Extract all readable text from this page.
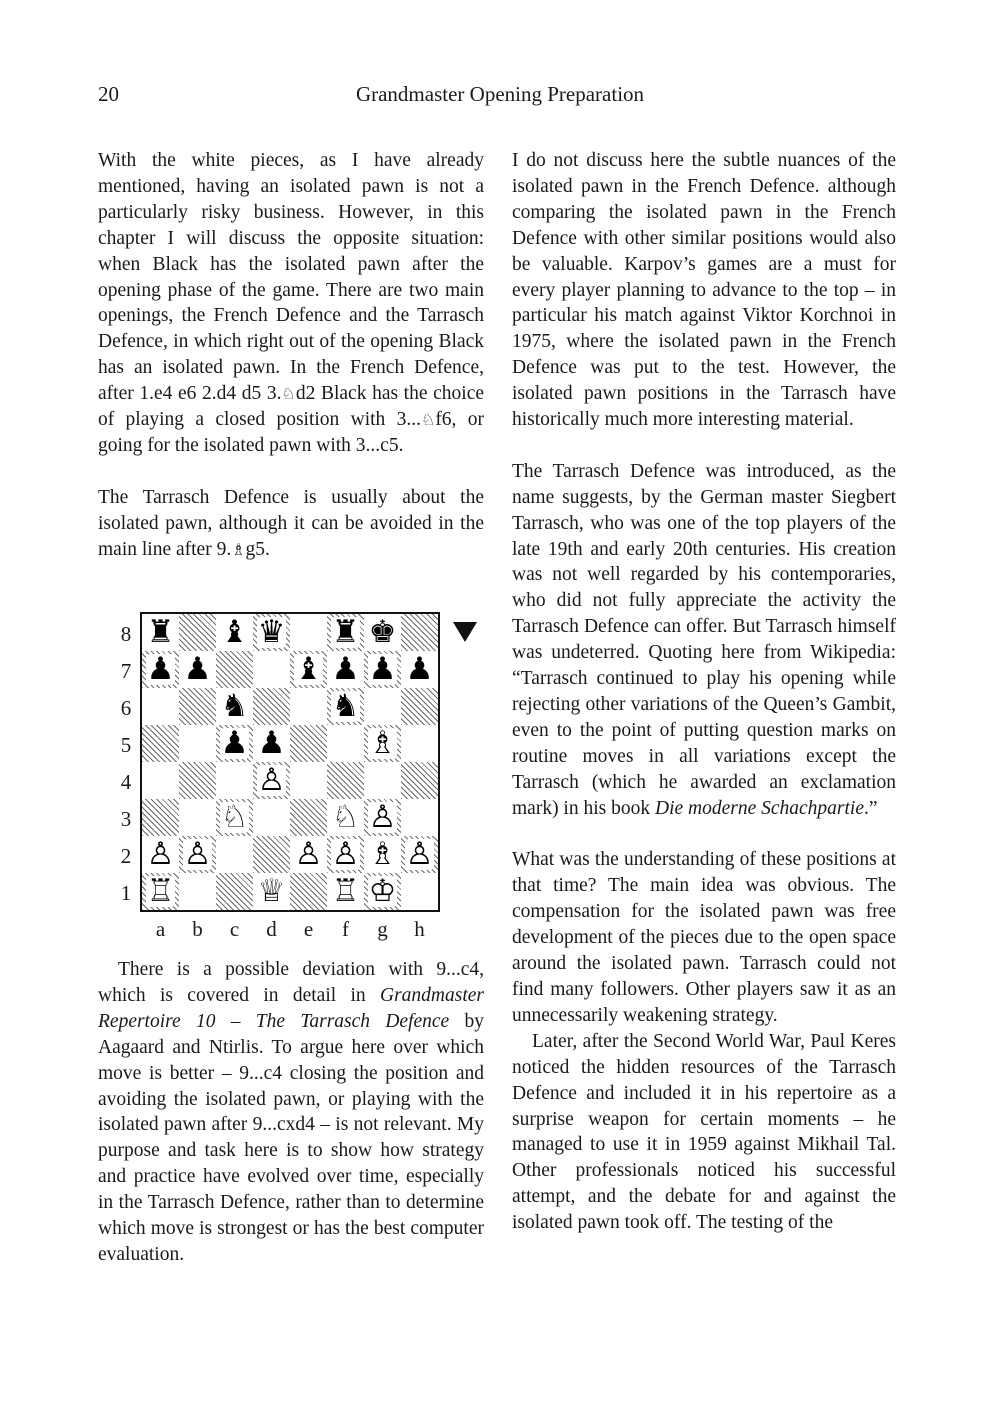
20	Grandmaster Opening Preparation

With the white pieces, as I have already mentioned, having an isolated pawn is not a particularly risky business. However, in this chapter I will discuss the opposite situation: when Black has the isolated pawn after the opening phase of the game. There are two main openings, the French Defence and the Tarrasch Defence, in which right out of the opening Black has an isolated pawn. In the French Defence, after 1.e4 e6 2.d4 d5 3.♘d2 Black has the choice of playing a closed position with 3...♘f6, or going for the isolated pawn with 3...c5.

The Tarrasch Defence is usually about the isolated pawn, although it can be avoided in the main line after 9.♗g5.

♜ ♝ ♛ ♜ ♚
♟ ♟	♝ ♟ ♟ ♟
♞	♞
♟ ♟	♗
♙
♘	♘ ♙
♙ ♙	♙ ♙ ♗ ♙
♖	♕ ♖ ♔
8
7
6
5
4
3
2
1
a	b	c	d	e	f	g	h

There is a possible deviation with 9...c4, which is covered in detail in Grandmaster Repertoire 10 – The Tarrasch Defence by Aagaard and Ntirlis. To argue here over which move is better – 9...c4 closing the position and avoiding the isolated pawn, or playing with the isolated pawn after 9...cxd4 – is not relevant. My purpose and task here is to show how strategy and practice have evolved over time, especially in the Tarrasch Defence, rather than to determine which move is strongest or has the best computer evaluation.

I do not discuss here the subtle nuances of the isolated pawn in the French Defence. although comparing the isolated pawn in the French Defence with other similar positions would also be valuable. Karpov’s games are a must for every player planning to advance to the top – in particular his match against Viktor Korchnoi in 1975, where the isolated pawn in the French Defence was put to the test. However, the isolated pawn positions in the Tarrasch have historically much more interesting material.

The Tarrasch Defence was introduced, as the name suggests, by the German master Siegbert Tarrasch, who was one of the top players of the late 19th and early 20th centuries. His creation was not well regarded by his contemporaries, who did not fully appreciate the activity the Tarrasch Defence can offer. But Tarrasch himself was undeterred. Quoting here from Wikipedia: “Tarrasch continued to play his opening while rejecting other variations of the Queen’s Gambit, even to the point of putting question marks on routine moves in all variations except the Tarrasch (which he awarded an exclamation mark) in his book Die moderne Schachpartie.”

What was the understanding of these positions at that time? The main idea was obvious. The compensation for the isolated pawn was free development of the pieces due to the open space around the isolated pawn. Tarrasch could not find many followers. Other players saw it as an unnecessarily weakening strategy.

Later, after the Second World War, Paul Keres noticed the hidden resources of the Tarrasch Defence and included it in his repertoire as a surprise weapon for certain moments – he managed to use it in 1959 against Mikhail Tal. Other professionals noticed his successful attempt, and the debate for and against the isolated pawn took off. The testing of the
